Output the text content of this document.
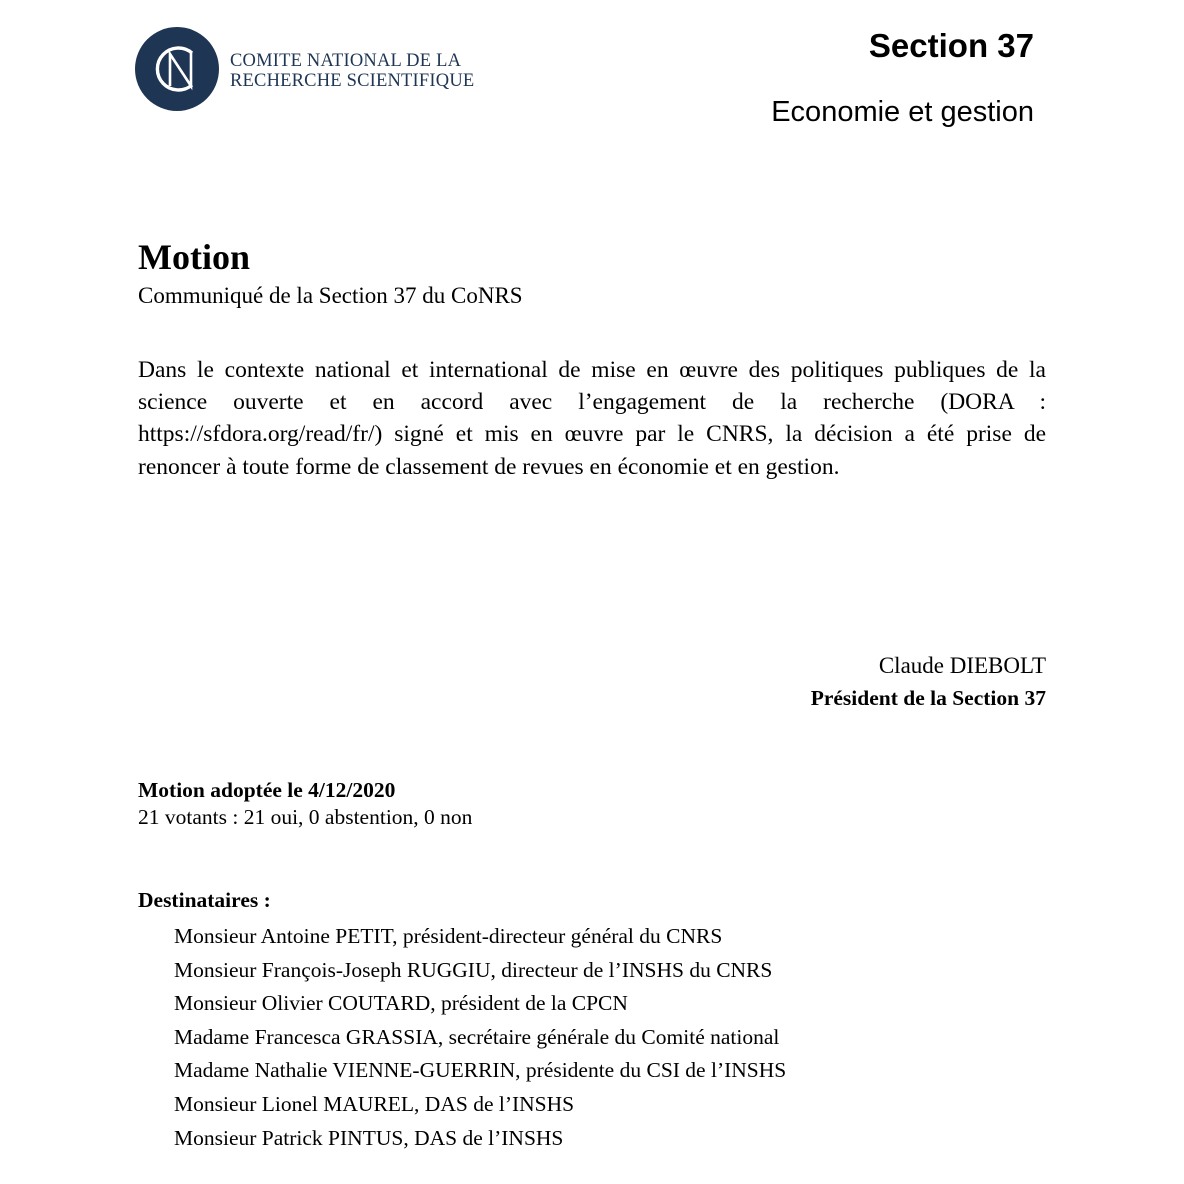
COMITE NATIONAL DE LA
RECHERCHE SCIENTIFIQUE
Section 37
Economie et gestion
Motion
Communiqué de la Section 37 du CoNRS

Dans le contexte national et international de mise en œuvre des politiques publiques de la science ouverte et en accord avec l’engagement de la recherche (DORA : https://sfdora.org/read/fr/) signé et mis en œuvre par le CNRS, la décision a été prise de renoncer à toute forme de classement de revues en économie et en gestion.

Claude DIEBOLT
Président de la Section 37
Motion adoptée le 4/12/2020
21 votants : 21 oui, 0 abstention, 0 non
Destinataires :
Monsieur Antoine PETIT, président-directeur général du CNRS
Monsieur François-Joseph RUGGIU, directeur de l’INSHS du CNRS
Monsieur Olivier COUTARD, président de la CPCN
Madame Francesca GRASSIA, secrétaire générale du Comité national
Madame Nathalie VIENNE-GUERRIN, présidente du CSI de l’INSHS
Monsieur Lionel MAUREL, DAS de l’INSHS
Monsieur Patrick PINTUS, DAS de l’INSHS
